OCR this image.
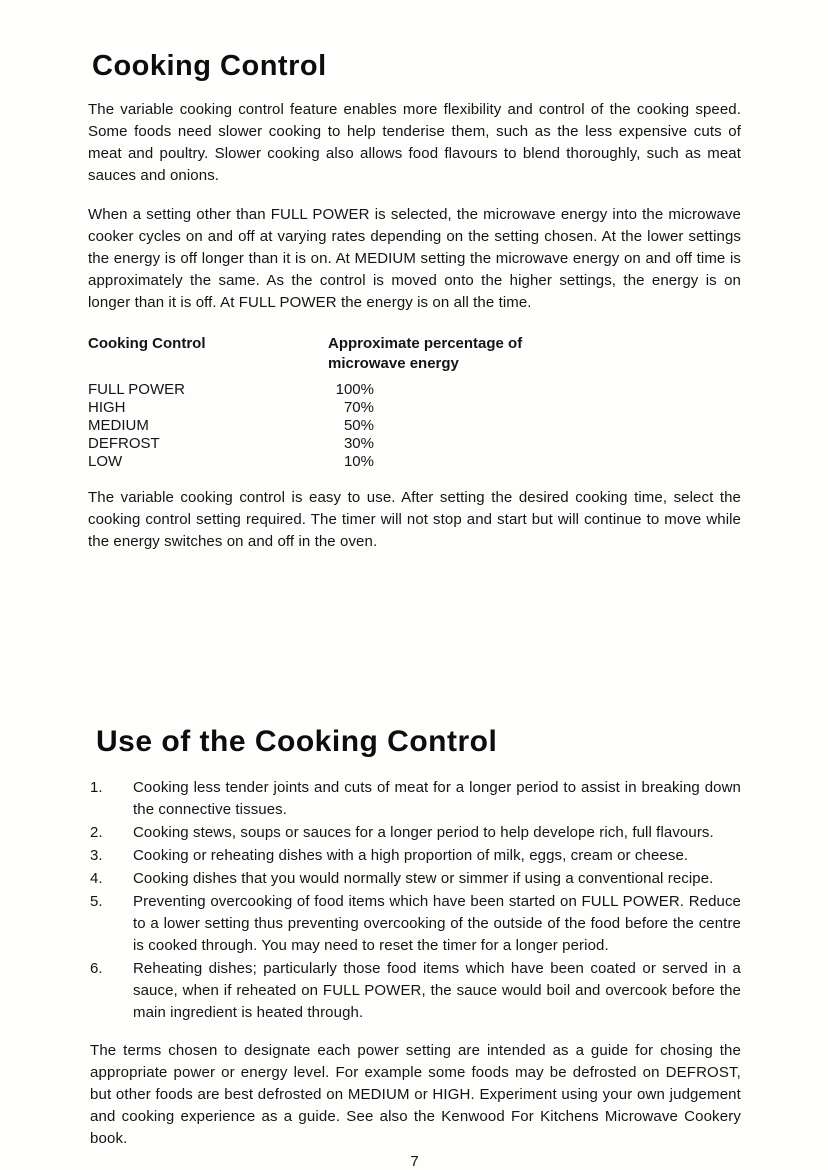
Cooking Control

The variable cooking control feature enables more flexibility and control of the cooking speed. Some foods need slower cooking to help tenderise them, such as the less expensive cuts of meat and poultry. Slower cooking also allows food flavours to blend thoroughly, such as meat sauces and onions.

When a setting other than FULL POWER is selected, the microwave energy into the microwave cooker cycles on and off at varying rates depending on the setting chosen. At the lower settings the energy is off longer than it is on. At MEDIUM setting the microwave energy on and off time is approximately the same. As the control is moved onto the higher settings, the energy is on longer than it is off. At FULL POWER the energy is on all the time.

Cooking Control	Approximate percentage of
microwave energy
FULL POWER	100%
HIGH	70%
MEDIUM	50%
DEFROST	30%
LOW	10%

The variable cooking control is easy to use. After setting the desired cooking time, select the cooking control setting required. The timer will not stop and start but will continue to move while the energy switches on and off in the oven.

Use of the Cooking Control
1.	Cooking less tender joints and cuts of meat for a longer period to assist in breaking down the connective tissues.
2.	Cooking stews, soups or sauces for a longer period to help develope rich, full flavours.
3.	Cooking or reheating dishes with a high proportion of milk, eggs, cream or cheese.
4.	Cooking dishes that you would normally stew or simmer if using a conventional recipe.
5.	Preventing overcooking of food items which have been started on FULL POWER. Reduce to a lower setting thus preventing overcooking of the outside of the food before the centre is cooked through. You may need to reset the timer for a longer period.
6.	Reheating dishes; particularly those food items which have been coated or served in a sauce, when if reheated on FULL POWER, the sauce would boil and overcook before the main ingredient is heated through.

The terms chosen to designate each power setting are intended as a guide for chosing the appropriate power or energy level. For example some foods may be defrosted on DEFROST, but other foods are best defrosted on MEDIUM or HIGH. Experiment using your own judgement and cooking experience as a guide. See also the Kenwood For Kitchens Microwave Cookery book.

7
